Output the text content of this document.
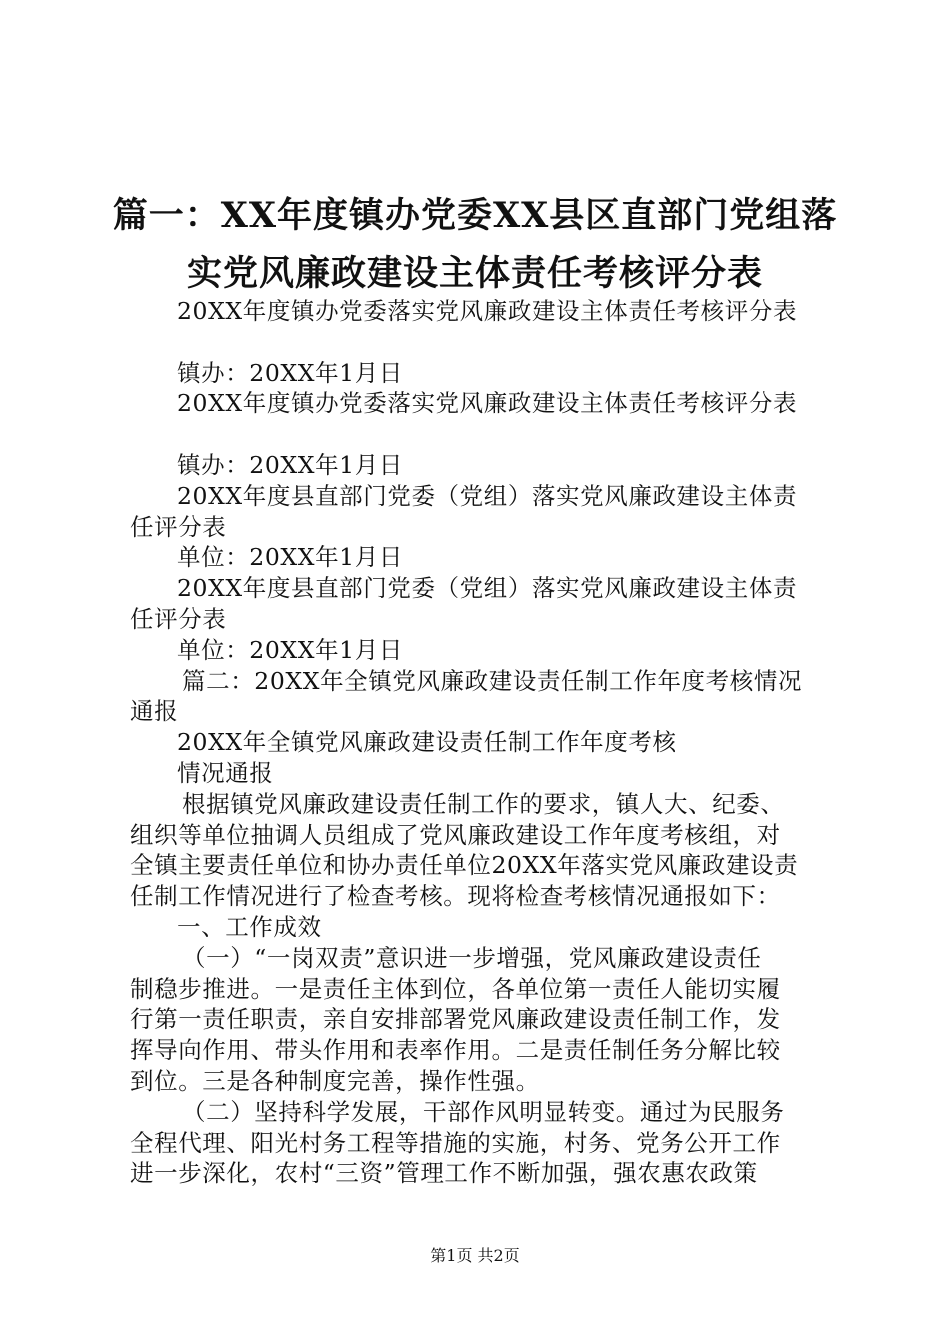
篇一：XX年度镇办党委XX县区直部门党组落
实党风廉政建设主体责任考核评分表
20XX年度镇办党委落实党风廉政建设主体责任考核评分表
镇办：20XX年1月日
20XX年度镇办党委落实党风廉政建设主体责任考核评分表
镇办：20XX年1月日
20XX年度县直部门党委（党组）落实党风廉政建设主体责
任评分表
单位：20XX年1月日
20XX年度县直部门党委（党组）落实党风廉政建设主体责
任评分表
单位：20XX年1月日
篇二：20XX年全镇党风廉政建设责任制工作年度考核情况
通报
20XX年全镇党风廉政建设责任制工作年度考核
情况通报
根据镇党风廉政建设责任制工作的要求，镇人大、纪委、
组织等单位抽调人员组成了党风廉政建设工作年度考核组，对
全镇主要责任单位和协办责任单位20XX年落实党风廉政建设责
任制工作情况进行了检查考核。现将检查考核情况通报如下：
一、工作成效
（一）“一岗双责”意识进一步增强，党风廉政建设责任
制稳步推进。一是责任主体到位，各单位第一责任人能切实履
行第一责任职责，亲自安排部署党风廉政建设责任制工作，发
挥导向作用、带头作用和表率作用。二是责任制任务分解比较
到位。三是各种制度完善，操作性强。
（二）坚持科学发展，干部作风明显转变。通过为民服务
全程代理、阳光村务工程等措施的实施，村务、党务公开工作
进一步深化，农村“三资”管理工作不断加强，强农惠农政策
第1页 共2页
